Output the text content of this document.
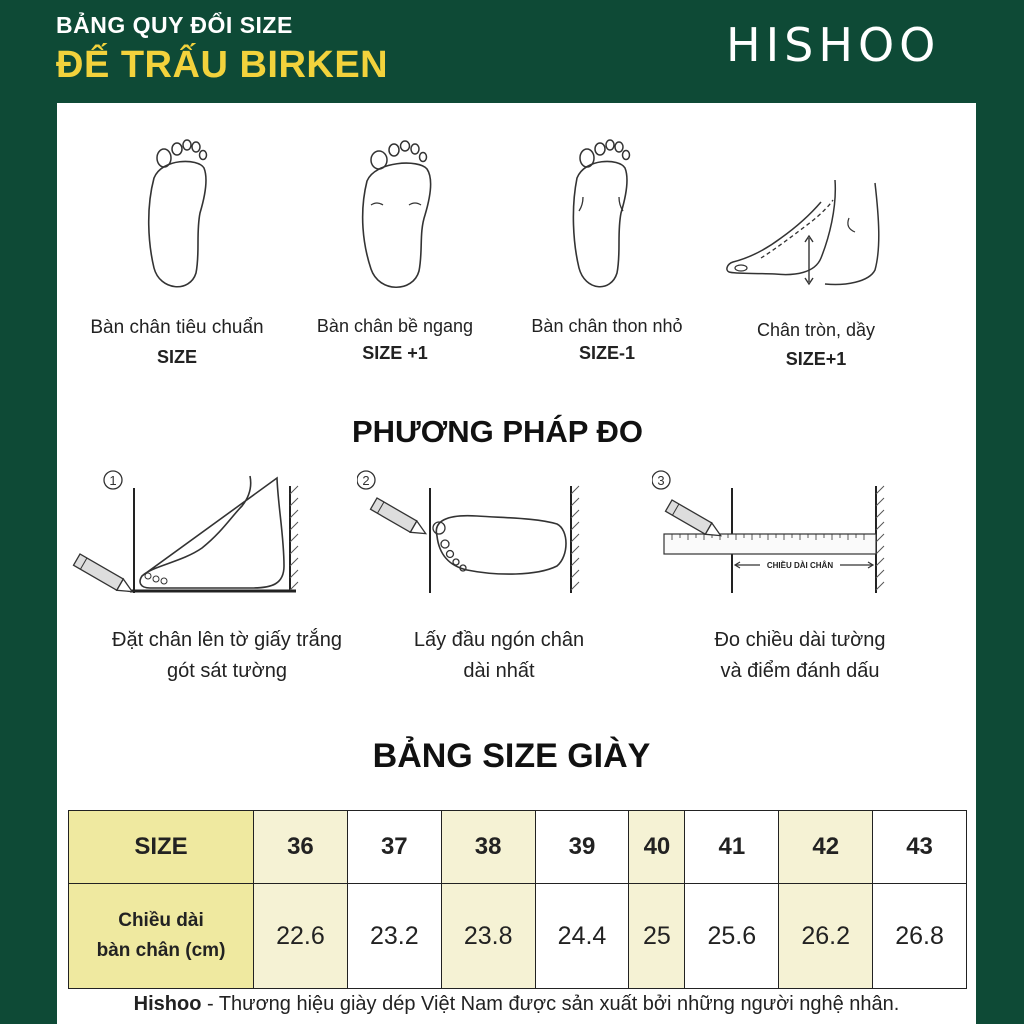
BẢNG QUY ĐỔI SIZE
ĐẾ TRẤU BIRKEN	HISHOO
Bàn chân tiêu chuẩn
SIZE
Bàn chân bề ngang
SIZE +1
Bàn chân thon nhỏ
SIZE-1
Chân tròn, dầy
SIZE+1
PHƯƠNG PHÁP ĐO
1	2	3
CHIỀU DÀI CHÂN
Đặt chân lên tờ giấy trắng
gót sát tường
Lấy đầu ngón chân
dài nhất
Đo chiều dài tường
và điểm đánh dấu
BẢNG SIZE GIÀY
SIZE	36	37	38	39	40	41	42	43

Chiều dài
bàn chân (cm)	22.6	23.2	23.8	24.4	25	25.6	26.2	26.8
Hishoo - Thương hiệu giày dép Việt Nam được sản xuất bởi những người nghệ nhân.
